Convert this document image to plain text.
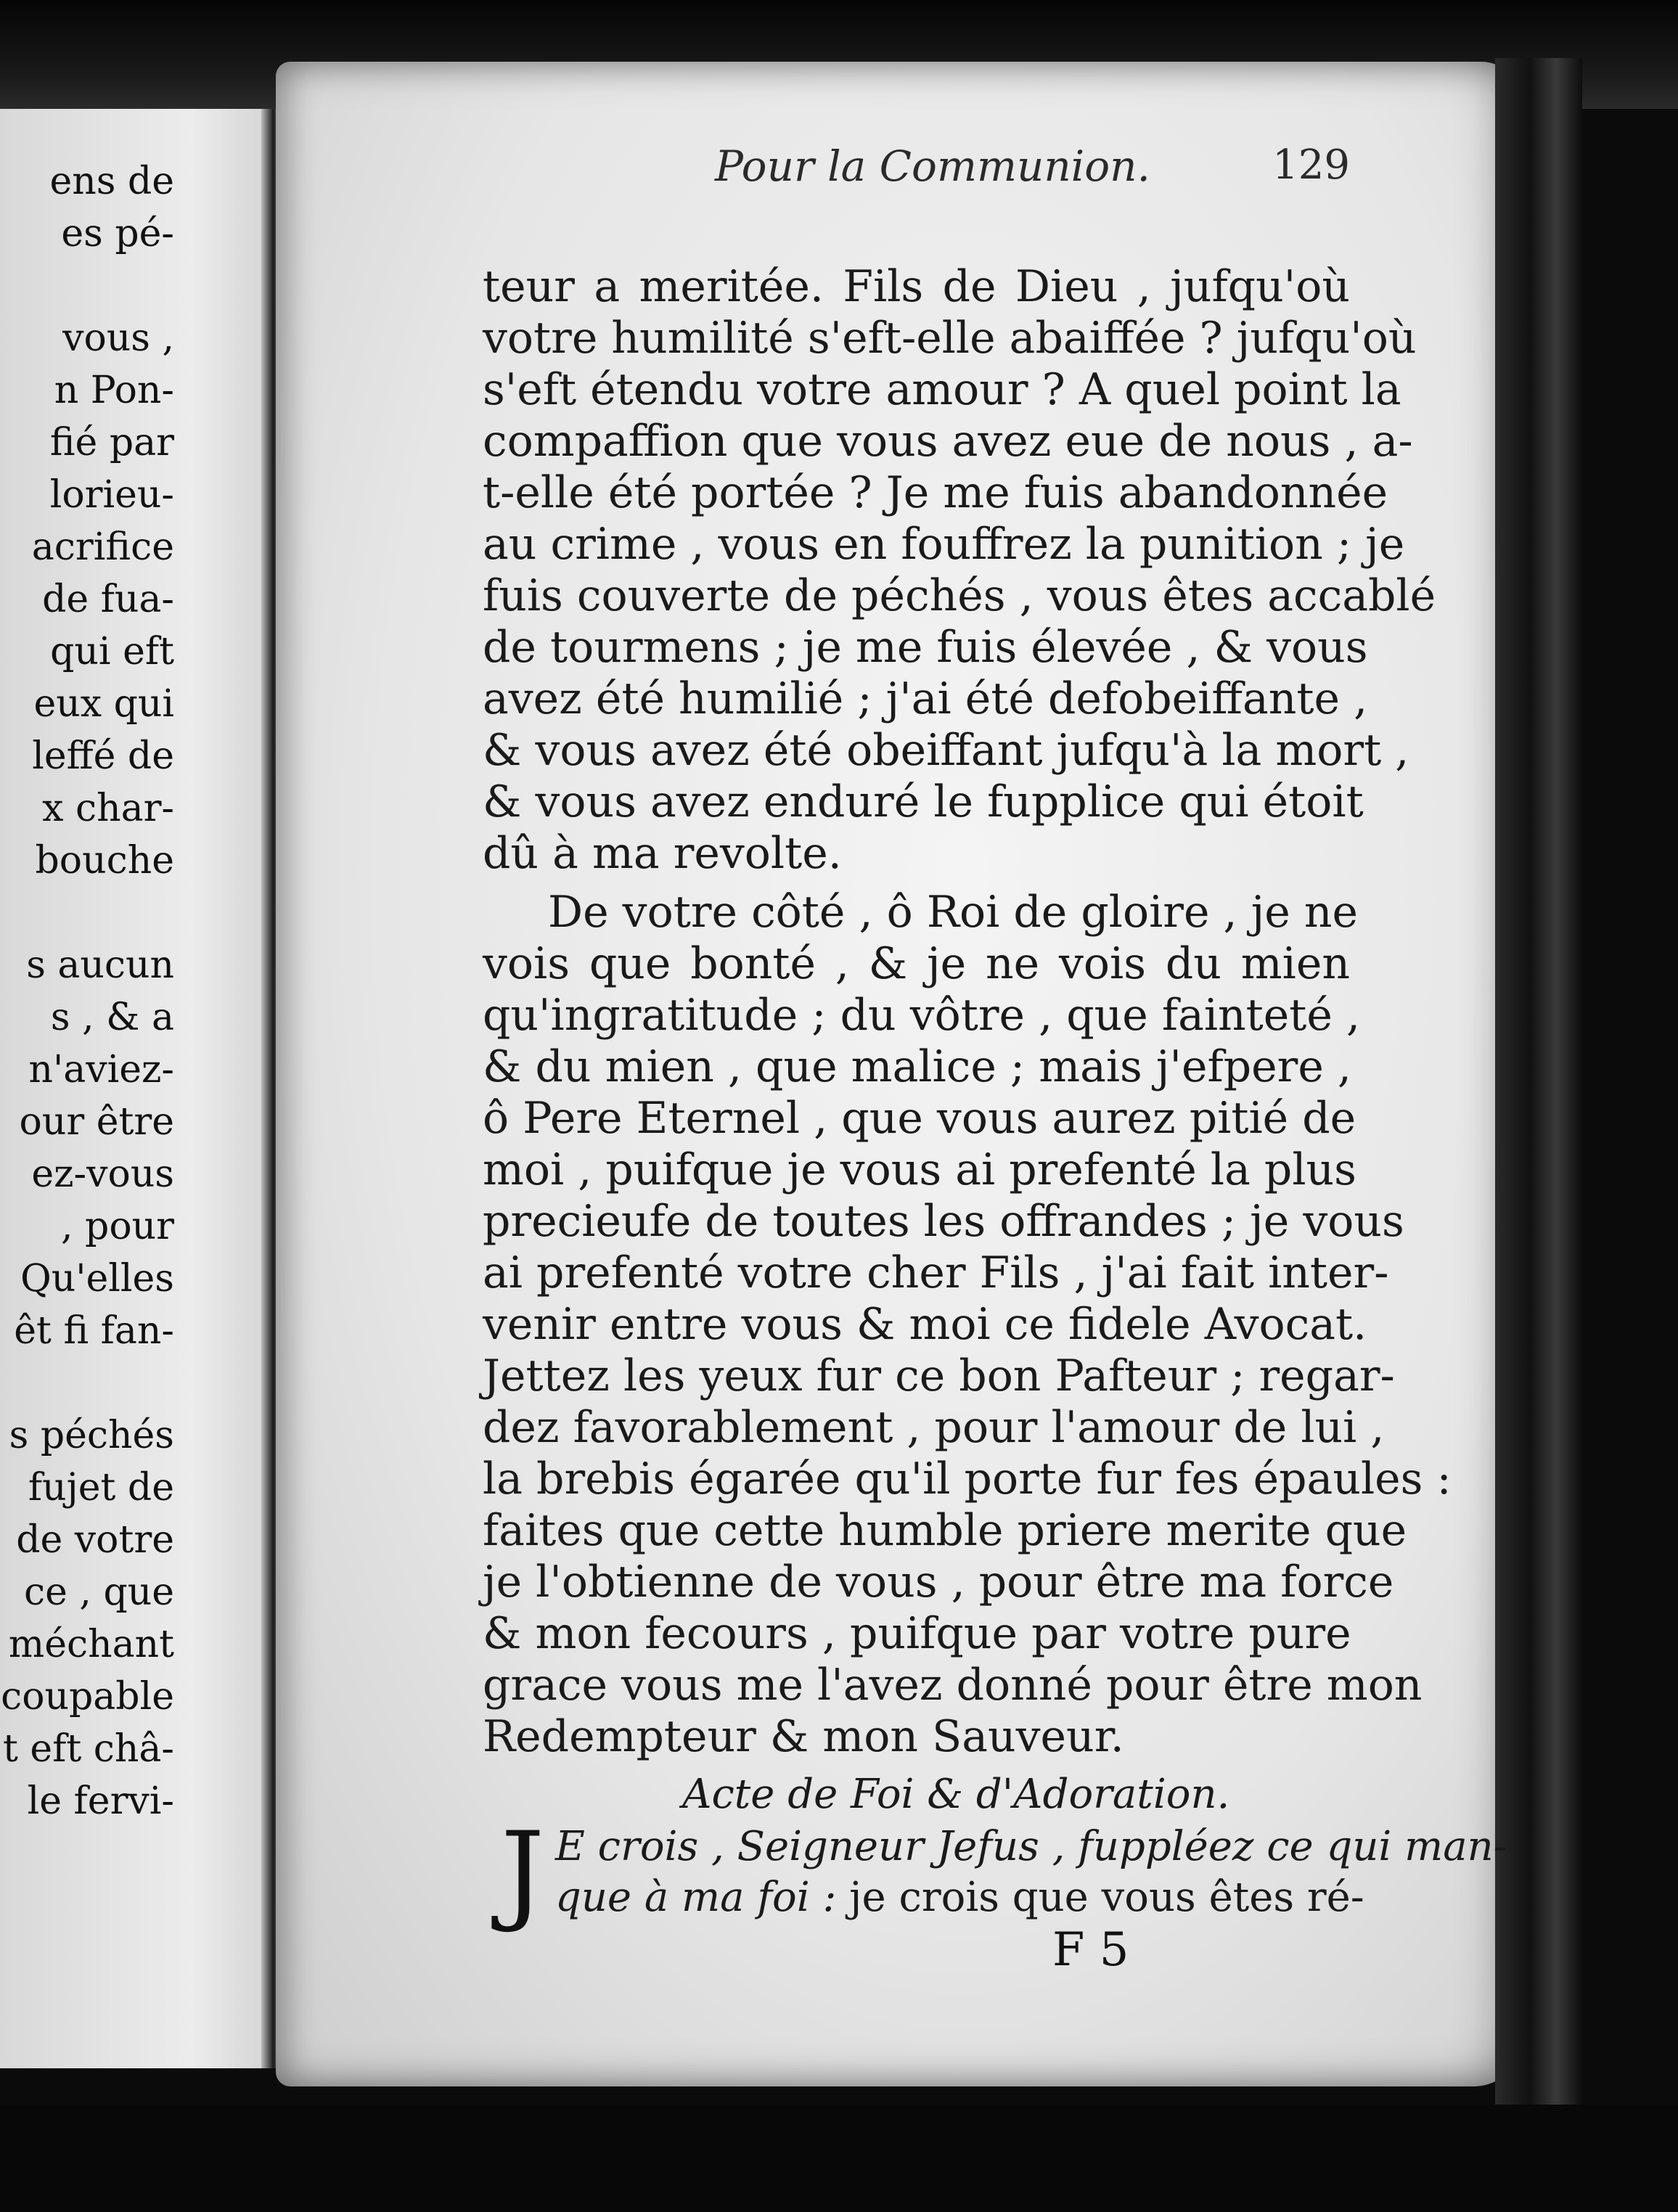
ens de
es pé-
vous ,
n Pon-
fié par
lorieu-
acrifice
de fua-
qui eft
eux qui
leffé de
x char-
bouche
s aucun
s , & a
n'aviez-
our être
ez-vous
, pour
Qu'elles
êt fi fan-
s péchés
fujet de
de votre
ce , que
méchant
coupable
t eft châ-
le fervi-
Pour la Communion.	129
teur a meritée. Fils de Dieu , jufqu'où
votre humilité s'eft-elle abaiffée ? jufqu'où
s'eft étendu votre amour ? A quel point la
compaffion que vous avez eue de nous , a-
t-elle été portée ? Je me fuis abandonnée
au crime , vous en fouffrez la punition ; je
fuis couverte de péchés , vous êtes accablé
de tourmens ; je me fuis élevée , & vous
avez été humilié ; j'ai été defobeiffante ,
& vous avez été obeiffant jufqu'à la mort ,
& vous avez enduré le fupplice qui étoit
dû à ma revolte.
De votre côté , ô Roi de gloire , je ne
vois que bonté , & je ne vois du mien
qu'ingratitude ; du vôtre , que fainteté ,
& du mien , que malice ; mais j'efpere ,
ô Pere Eternel , que vous aurez pitié de
moi , puifque je vous ai prefenté la plus
precieufe de toutes les offrandes ; je vous
ai prefenté votre cher Fils , j'ai fait inter-
venir entre vous & moi ce fidele Avocat.
Jettez les yeux fur ce bon Pafteur ; regar-
dez favorablement , pour l'amour de lui ,
la brebis égarée qu'il porte fur fes épaules :
faites que cette humble priere merite que
je l'obtienne de vous , pour être ma force
& mon fecours , puifque par votre pure
grace vous me l'avez donné pour être mon
Redempteur & mon Sauveur.
Acte de Foi & d'Adoration.
J E crois , Seigneur Jefus , fuppléez ce qui man-
que à ma foi : je crois que vous êtes ré-
F 5
